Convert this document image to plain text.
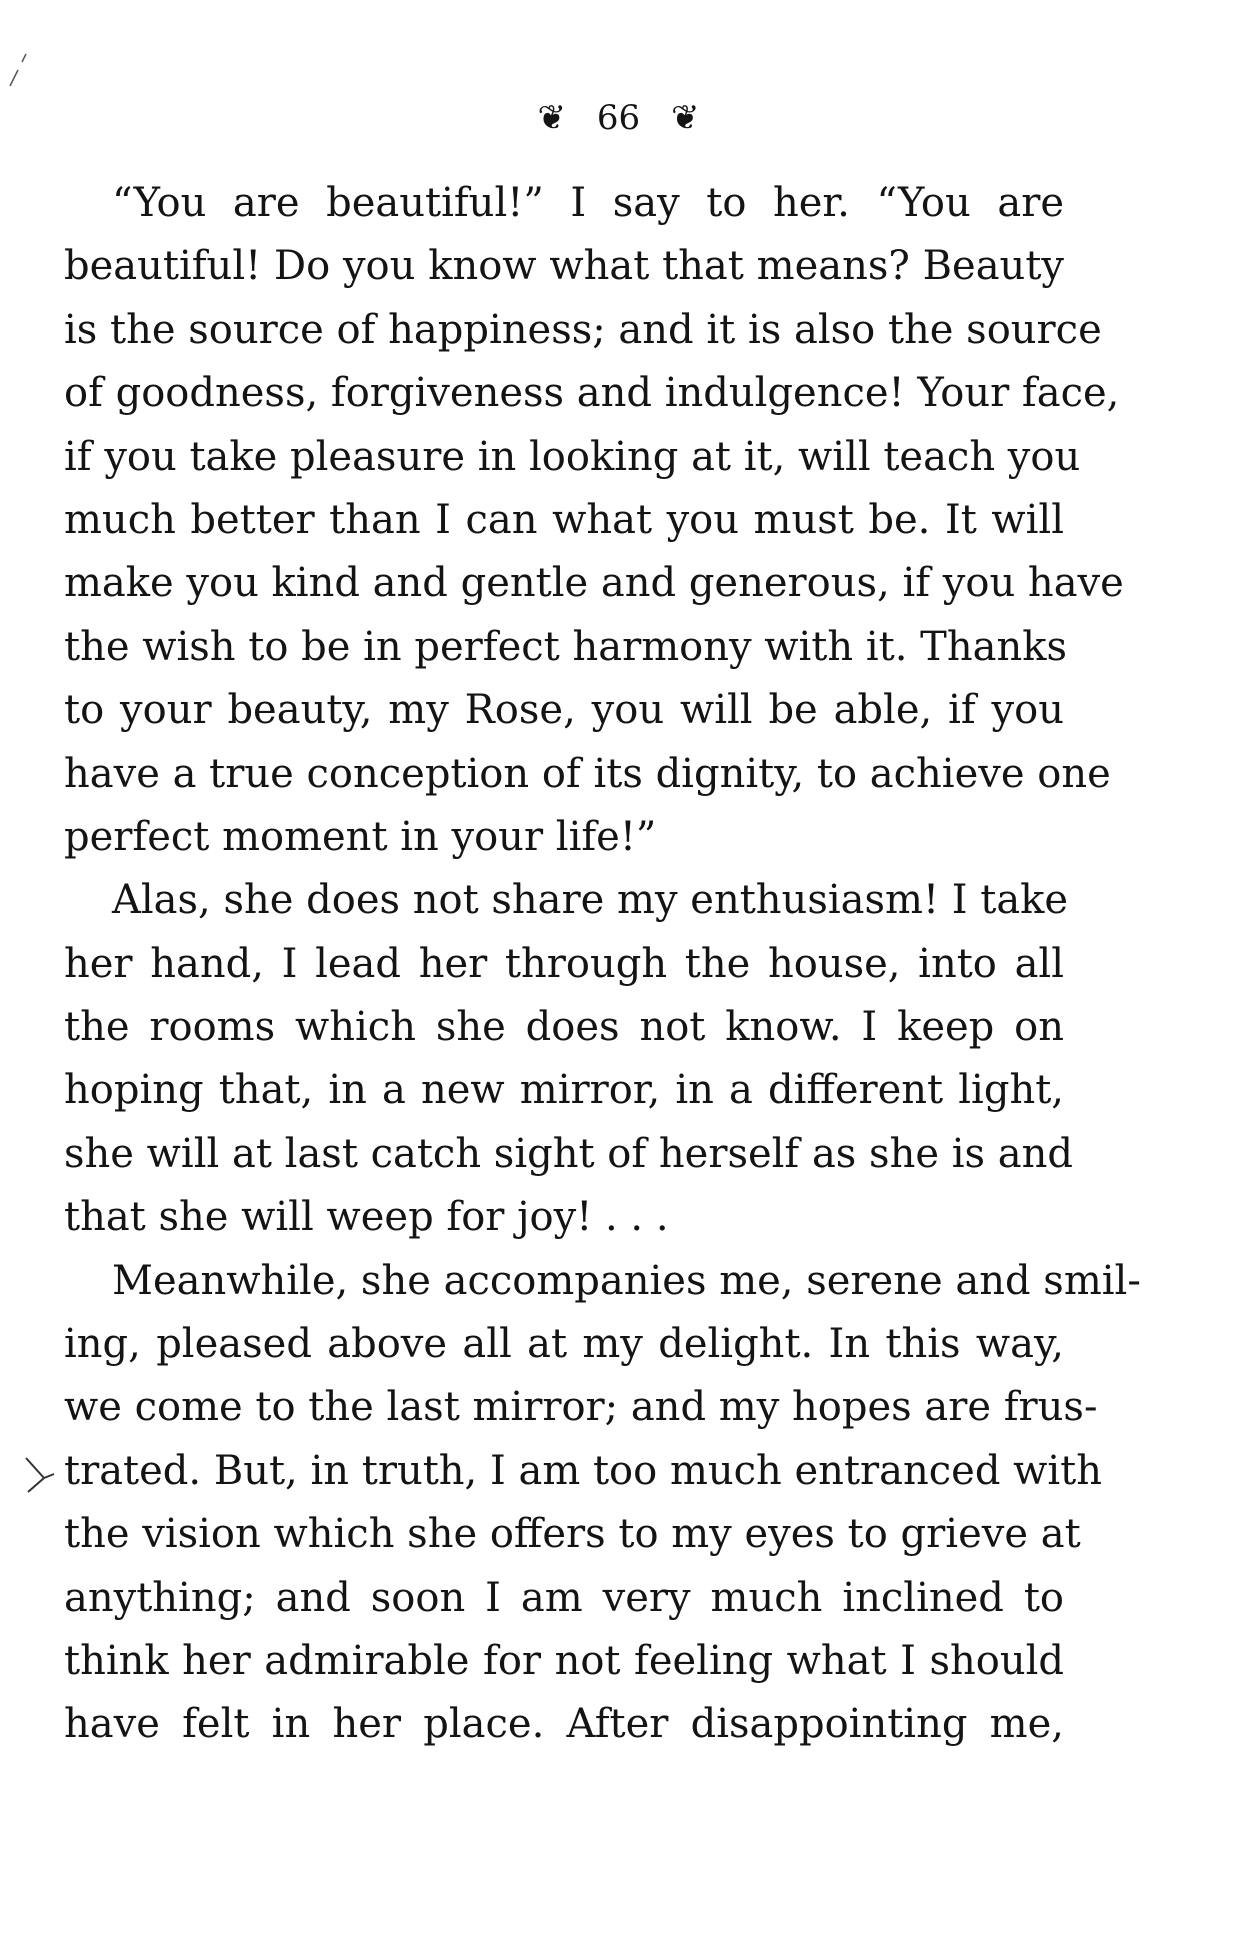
❦ 66 ❦
“You are beautiful!” I say to her. “You are
beautiful! Do you know what that means? Beauty
is the source of happiness; and it is also the source
of goodness, forgiveness and indulgence! Your face,
if you take pleasure in looking at it, will teach you
much better than I can what you must be. It will
make you kind and gentle and generous, if you have
the wish to be in perfect harmony with it. Thanks
to your beauty, my Rose, you will be able, if you
have a true conception of its dignity, to achieve one
perfect moment in your life!”
Alas, she does not share my enthusiasm! I take
her hand, I lead her through the house, into all
the rooms which she does not know. I keep on
hoping that, in a new mirror, in a different light,
she will at last catch sight of herself as she is and
that she will weep for joy! . . .
Meanwhile, she accompanies me, serene and smil-
ing, pleased above all at my delight. In this way,
we come to the last mirror; and my hopes are frus-
trated. But, in truth, I am too much entranced with
the vision which she offers to my eyes to grieve at
anything; and soon I am very much inclined to
think her admirable for not feeling what I should
have felt in her place. After disappointing me,
